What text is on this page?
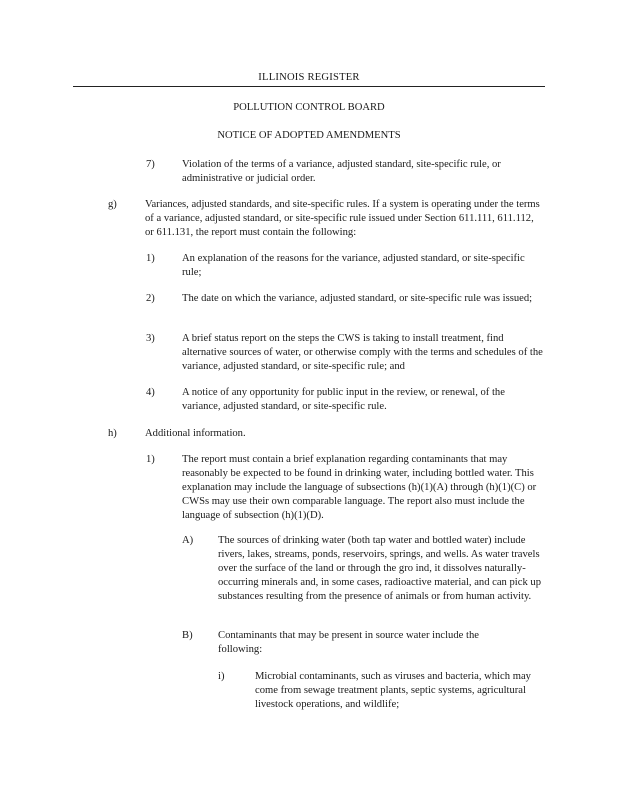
ILLINOIS REGISTER
POLLUTION CONTROL BOARD
NOTICE OF ADOPTED AMENDMENTS
7)	Violation of the terms of a variance, adjusted standard, site-specific rule, or administrative or judicial order.
g)	Variances, adjusted standards, and site-specific rules. If a system is operating under the terms of a variance, adjusted standard, or site-specific rule issued under Section 611.111, 611.112, or 611.131, the report must contain the following:
1)	An explanation of the reasons for the variance, adjusted standard, or site-specific rule;
2)	The date on which the variance, adjusted standard, or site-specific rule was issued;
3)	A brief status report on the steps the CWS is taking to install treatment, find alternative sources of water, or otherwise comply with the terms and schedules of the variance, adjusted standard, or site-specific rule; and
4)	A notice of any opportunity for public input in the review, or renewal, of the variance, adjusted standard, or site-specific rule.
h)	Additional information.
1)	The report must contain a brief explanation regarding contaminants that may reasonably be expected to be found in drinking water, including bottled water. This explanation may include the language of subsections (h)(1)(A) through (h)(1)(C) or CWSs may use their own comparable language. The report also must include the language of subsection (h)(1)(D).
A) The sources of drinking water (both tap water and bottled water) include rivers, lakes, streams, ponds, reservoirs, springs, and wells. As water travels over the surface of the land or through the gro ind, it dissolves naturally-occurring minerals and, in some cases, radioactive material, and can pick up substances resulting from the presence of animals or from human activity.
B) Contaminants that may be present in source water include the following:
i)	Microbial contaminants, such as viruses and bacteria, which may come from sewage treatment plants, septic systems, agricultural livestock operations, and wildlife;
